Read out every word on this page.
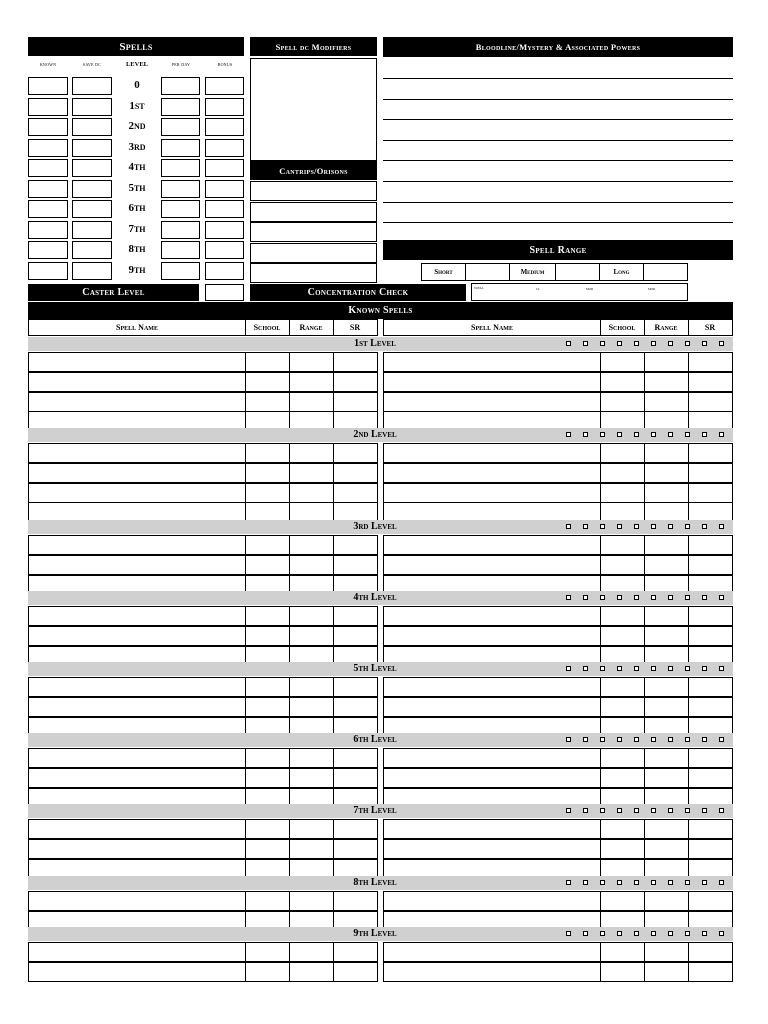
Spells
known	save dc	LEVEL	per day	bonus
0
1st
2nd
3rd
4th
5th
6th
7th
8th
9th
Spell dc Modifiers
Cantrips/Orisons
Bloodline/Mystery & Associated Powers
Spell Range
Short	Medium	Long
Caster Level	Concentration Check	total	cl	mod	mod
Known Spells
Spell Name	School	Range	SR	Spell Name	School	Range	SR
1st Level
2nd Level
3rd Level
4th Level
5th Level
6th Level
7th Level
8th Level
9th Level
